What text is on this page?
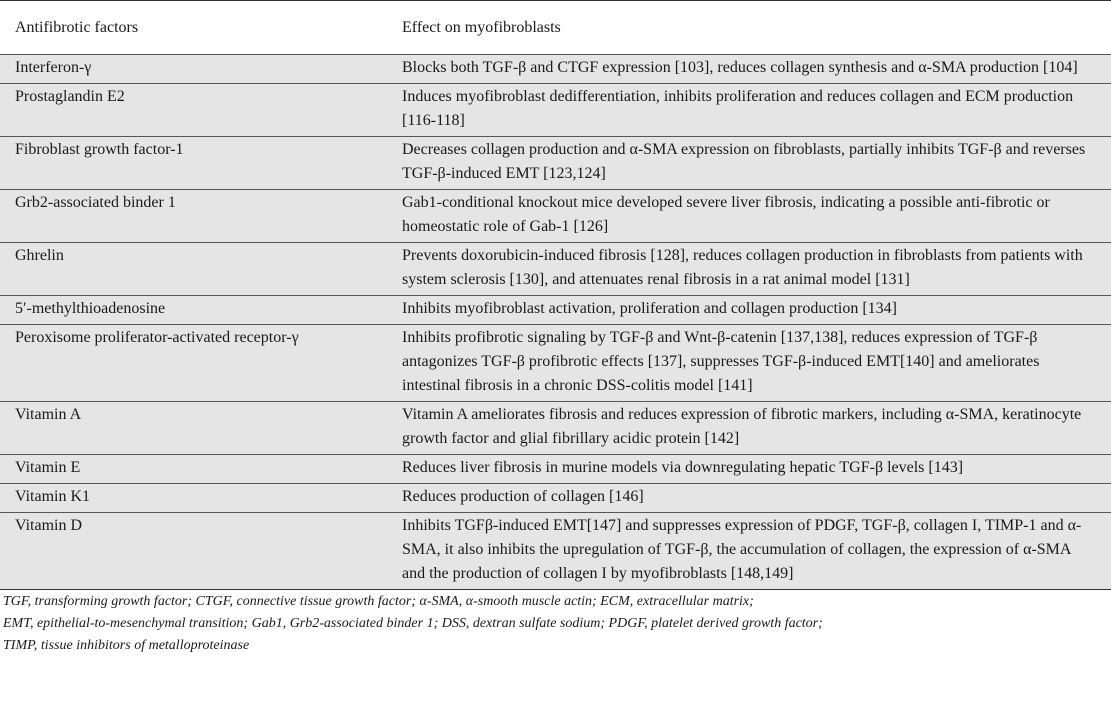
Antifibrotic factors	Effect on myofibroblasts
Interferon-γ	Blocks both TGF-β and CTGF expression [103], reduces collagen synthesis and α-SMA production [104]
Prostaglandin E2	Induces myofibroblast dedifferentiation, inhibits proliferation and reduces collagen and ECM production [116-118]
Fibroblast growth factor-1	Decreases collagen production and α-SMA expression on fibroblasts, partially inhibits TGF-β and reverses TGF-β-induced EMT [123,124]
Grb2-associated binder 1	Gab1-conditional knockout mice developed severe liver fibrosis, indicating a possible anti-fibrotic or homeostatic role of Gab-1 [126]
Ghrelin	Prevents doxorubicin-induced fibrosis [128], reduces collagen production in fibroblasts from patients with system sclerosis [130], and attenuates renal fibrosis in a rat animal model [131]
5′-methylthioadenosine	Inhibits myofibroblast activation, proliferation and collagen production [134]
Peroxisome proliferator-activated receptor-γ	Inhibits profibrotic signaling by TGF-β and Wnt-β-catenin [137,138], reduces expression of TGF-β antagonizes TGF-β profibrotic effects [137], suppresses TGF-β-induced EMT[140] and ameliorates intestinal fibrosis in a chronic DSS-colitis model [141]
Vitamin A	Vitamin A ameliorates fibrosis and reduces expression of fibrotic markers, including α-SMA, keratinocyte growth factor and glial fibrillary acidic protein [142]
Vitamin E	Reduces liver fibrosis in murine models via downregulating hepatic TGF-β levels [143]
Vitamin K1	Reduces production of collagen [146]
Vitamin D	Inhibits TGFβ-induced EMT[147] and suppresses expression of PDGF, TGF-β, collagen I, TIMP-1 and α-SMA, it also inhibits the upregulation of TGF-β, the accumulation of collagen, the expression of α-SMA and the production of collagen I by myofibroblasts [148,149]
TGF, transforming growth factor; CTGF, connective tissue growth factor; α-SMA, α-smooth muscle actin; ECM, extracellular matrix;
EMT, epithelial-to-mesenchymal transition; Gab1, Grb2-associated binder 1; DSS, dextran sulfate sodium; PDGF, platelet derived growth factor;
TIMP, tissue inhibitors of metalloproteinase
